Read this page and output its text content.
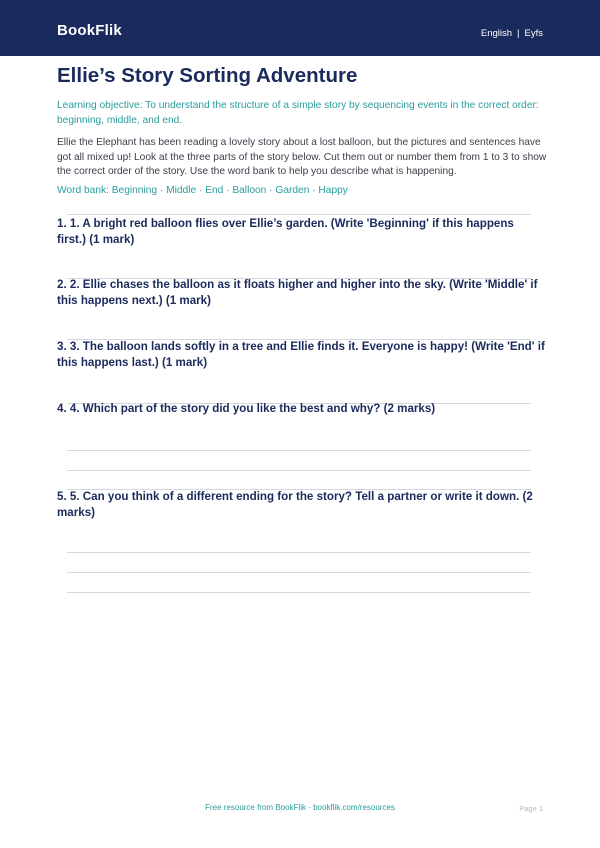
BookFlik	English | Eyfs
Ellie’s Story Sorting Adventure

Learning objective: To understand the structure of a simple story by sequencing events in the correct order: beginning, middle, and end.

Ellie the Elephant has been reading a lovely story about a lost balloon, but the pictures and sentences have got all mixed up! Look at the three parts of the story below. Cut them out or number them from 1 to 3 to show the correct order of the story. Use the word bank to help you describe what is happening.

Word bank: Beginning · Middle · End · Balloon · Garden · Happy

1. 1. A bright red balloon flies over Ellie’s garden. (Write 'Beginning' if this happens first.) (1 mark)

2. 2. Ellie chases the balloon as it floats higher and higher into the sky. (Write 'Middle' if this happens next.) (1 mark)

3. 3. The balloon lands softly in a tree and Ellie finds it. Everyone is happy! (Write 'End' if this happens last.) (1 mark)

4. 4. Which part of the story did you like the best and why? (2 marks)

5. 5. Can you think of a different ending for the story? Tell a partner or write it down. (2 marks)

Free resource from BookFlik · bookflik.com/resources	Page 1
